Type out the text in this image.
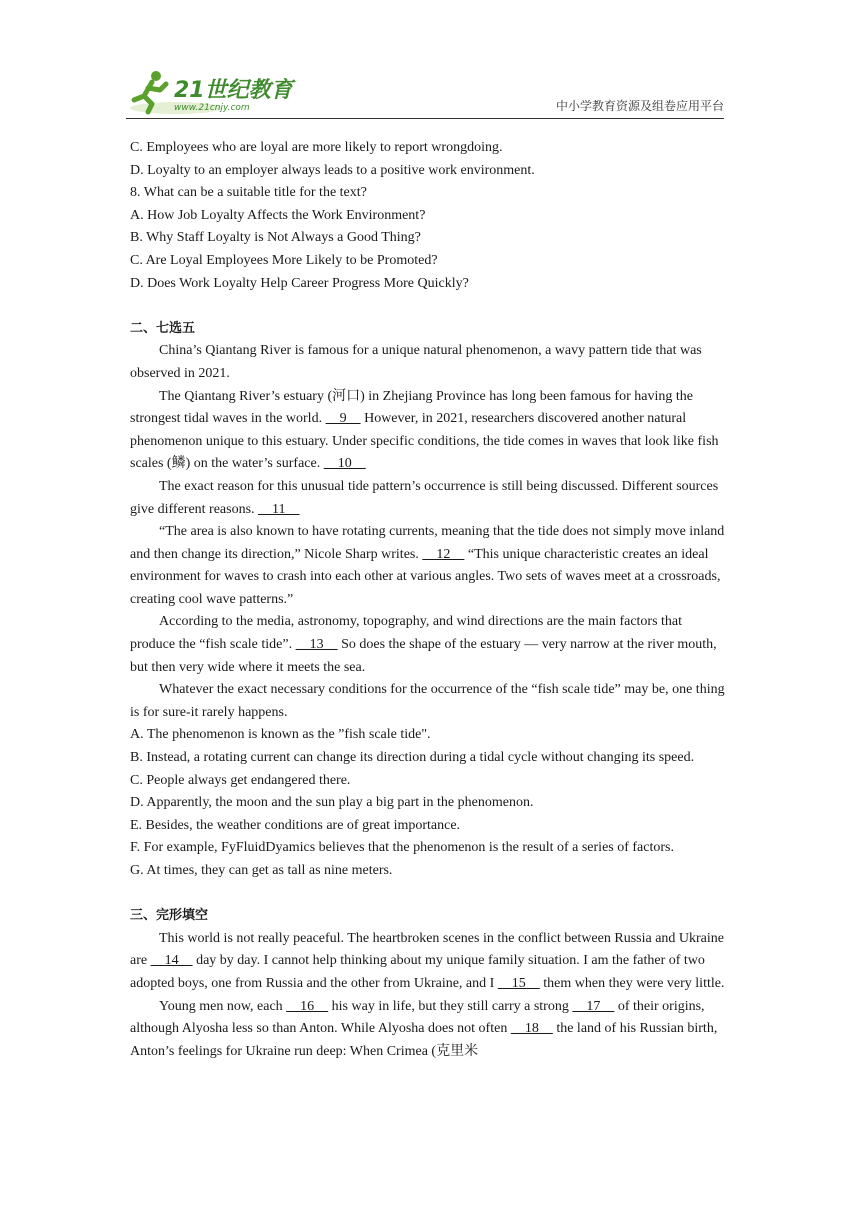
21世纪教育
www.21cnjy.com	中小学教育资源及组卷应用平台

C. Employees who are loyal are more likely to report wrongdoing.

D. Loyalty to an employer always leads to a positive work environment.

8. What can be a suitable title for the text?

A. How Job Loyalty Affects the Work Environment?

B. Why Staff Loyalty is Not Always a Good Thing?

C. Are Loyal Employees More Likely to be Promoted?

D. Does Work Loyalty Help Career Progress More Quickly?

二、七选五

China’s Qiantang River is famous for a unique natural phenomenon, a wavy pattern tide that was observed in 2021.

The Qiantang River’s estuary (河口) in Zhejiang Province has long been famous for having the strongest tidal waves in the world.     9     However, in 2021, researchers discovered another natural phenomenon unique to this estuary. Under specific conditions, the tide comes in waves that look like fish scales (鳞) on the water’s surface.     10

The exact reason for this unusual tide pattern’s occurrence is still being discussed. Different sources give different reasons.     11

“The area is also known to have rotating currents, meaning that the tide does not simply move inland and then change its direction,” Nicole Sharp writes.     12     “This unique characteristic creates an ideal environment for waves to crash into each other at various angles. Two sets of waves meet at a crossroads, creating cool wave patterns.”

According to the media, astronomy, topography, and wind directions are the main factors that produce the “fish scale tide”.     13     So does the shape of the estuary — very narrow at the river mouth, but then very wide where it meets the sea.

Whatever the exact necessary conditions for the occurrence of the “fish scale tide” may be, one thing is for sure-it rarely happens.

A. The phenomenon is known as the ”fish scale tide".

B. Instead, a rotating current can change its direction during a tidal cycle without changing its speed.

C. People always get endangered there.

D. Apparently, the moon and the sun play a big part in the phenomenon.

E. Besides, the weather conditions are of great importance.

F. For example, FyFluidDyamics believes that the phenomenon is the result of a series of factors.

G. At times, they can get as tall as nine meters.

三、完形填空

This world is not really peaceful. The heartbroken scenes in the conflict between Russia and Ukraine are     14     day by day. I cannot help thinking about my unique family situation. I am the father of two adopted boys, one from Russia and the other from Ukraine, and I     15     them when they were very little.

Young men now, each     16     his way in life, but they still carry a strong     17     of their origins, although Alyosha less so than Anton. While Alyosha does not often     18     the land of his Russian birth, Anton’s feelings for Ukraine run deep: When Crimea (克里米
